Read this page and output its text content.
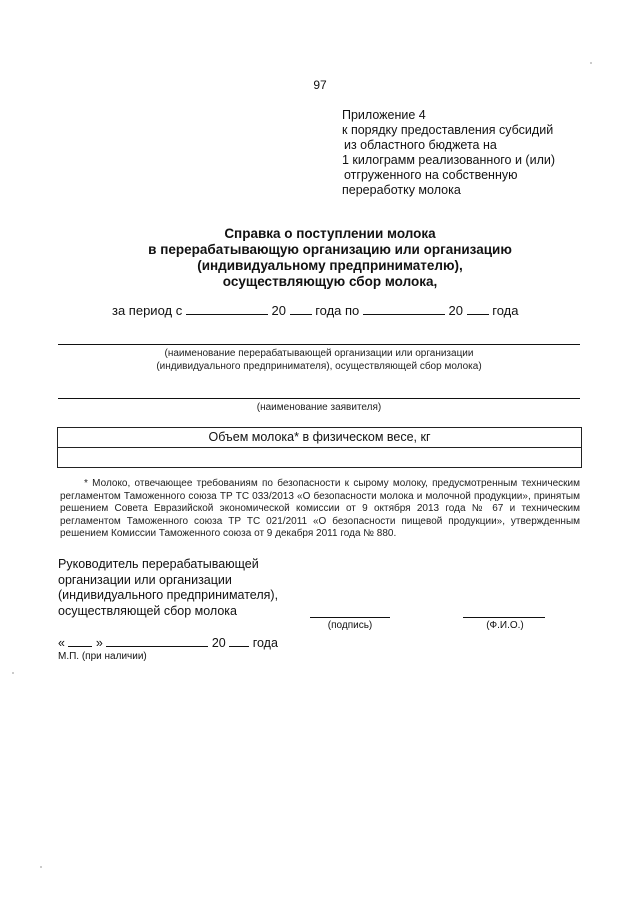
97
Приложение 4
к порядку предоставления субсидий
из областного бюджета на
1 килограмм реализованного и (или)
отгруженного на собственную
переработку молока
Справка о поступлении молока
в перерабатывающую организацию или организацию
(индивидуальному предпринимателю),
осуществляющую сбор молока,
за период с	20 года по	20 года
(наименование перерабатывающей организации или организации
(индивидуального предпринимателя), осуществляющей сбор молока)
(наименование заявителя)
Объем молока* в физическом весе, кг
* Молоко, отвечающее требованиям по безопасности к сырому молоку, предусмотренным техническим регламентом Таможенного союза ТР ТС 033/2013 «О безопасности молока и молочной продукции», принятым решением Совета Евразийской экономической комиссии от 9 октября 2013 года № 67 и техническим регламентом Таможенного союза ТР ТС 021/2011 «О безопасности пищевой продукции», утвержденным решением Комиссии Таможенного союза от 9 декабря 2011 года № 880.
Руководитель перерабатывающей
организации или организации
(индивидуального предпринимателя),
осуществляющей сбор молока
(подпись)	(Ф.И.О.)
« »	20 года
М.П. (при наличии)
